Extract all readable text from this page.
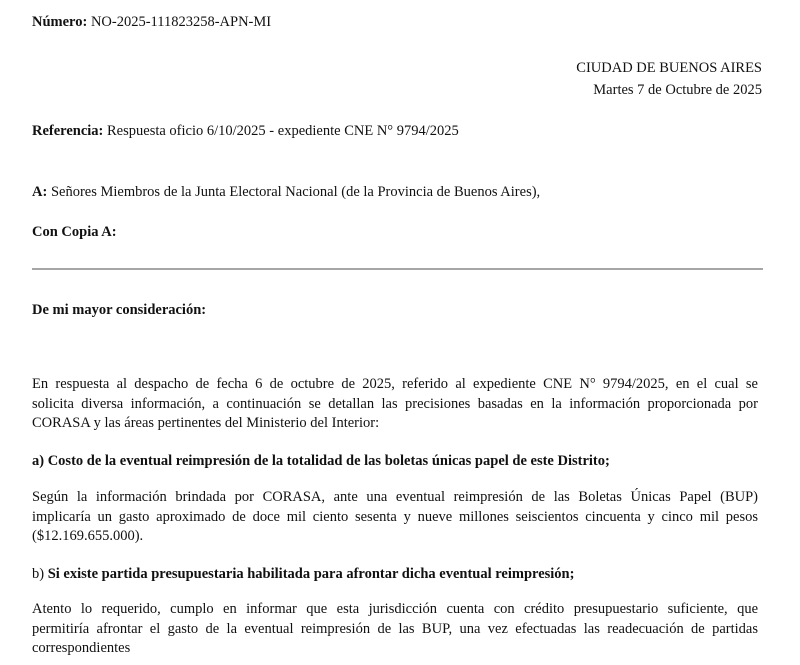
Número: NO-2025-111823258-APN-MI
CIUDAD DE BUENOS AIRES
Martes 7 de Octubre de 2025
Referencia: Respuesta oficio 6/10/2025 - expediente CNE N° 9794/2025
A: Señores Miembros de la Junta Electoral Nacional (de la Provincia de Buenos Aires),
Con Copia A:
De mi mayor consideración:
En respuesta al despacho de fecha 6 de octubre de 2025, referido al expediente CNE N° 9794/2025, en el cual se
solicita diversa información, a continuación se detallan las precisiones basadas en la información proporcionada por
CORASA y las áreas pertinentes del Ministerio del Interior:
a) Costo de la eventual reimpresión de la totalidad de las boletas únicas papel de este Distrito;
Según la información brindada por CORASA, ante una eventual reimpresión de las Boletas Únicas Papel (BUP)
implicaría un gasto aproximado de doce mil ciento sesenta y nueve millones seiscientos cincuenta y cinco mil pesos
($12.169.655.000).
b) Si existe partida presupuestaria habilitada para afrontar dicha eventual reimpresión;
Atento lo requerido, cumplo en informar que esta jurisdicción cuenta con crédito presupuestario suficiente, que
permitiría afrontar el gasto de la eventual reimpresión de las BUP, una vez efectuadas las readecuación de partidas
correspondientes
